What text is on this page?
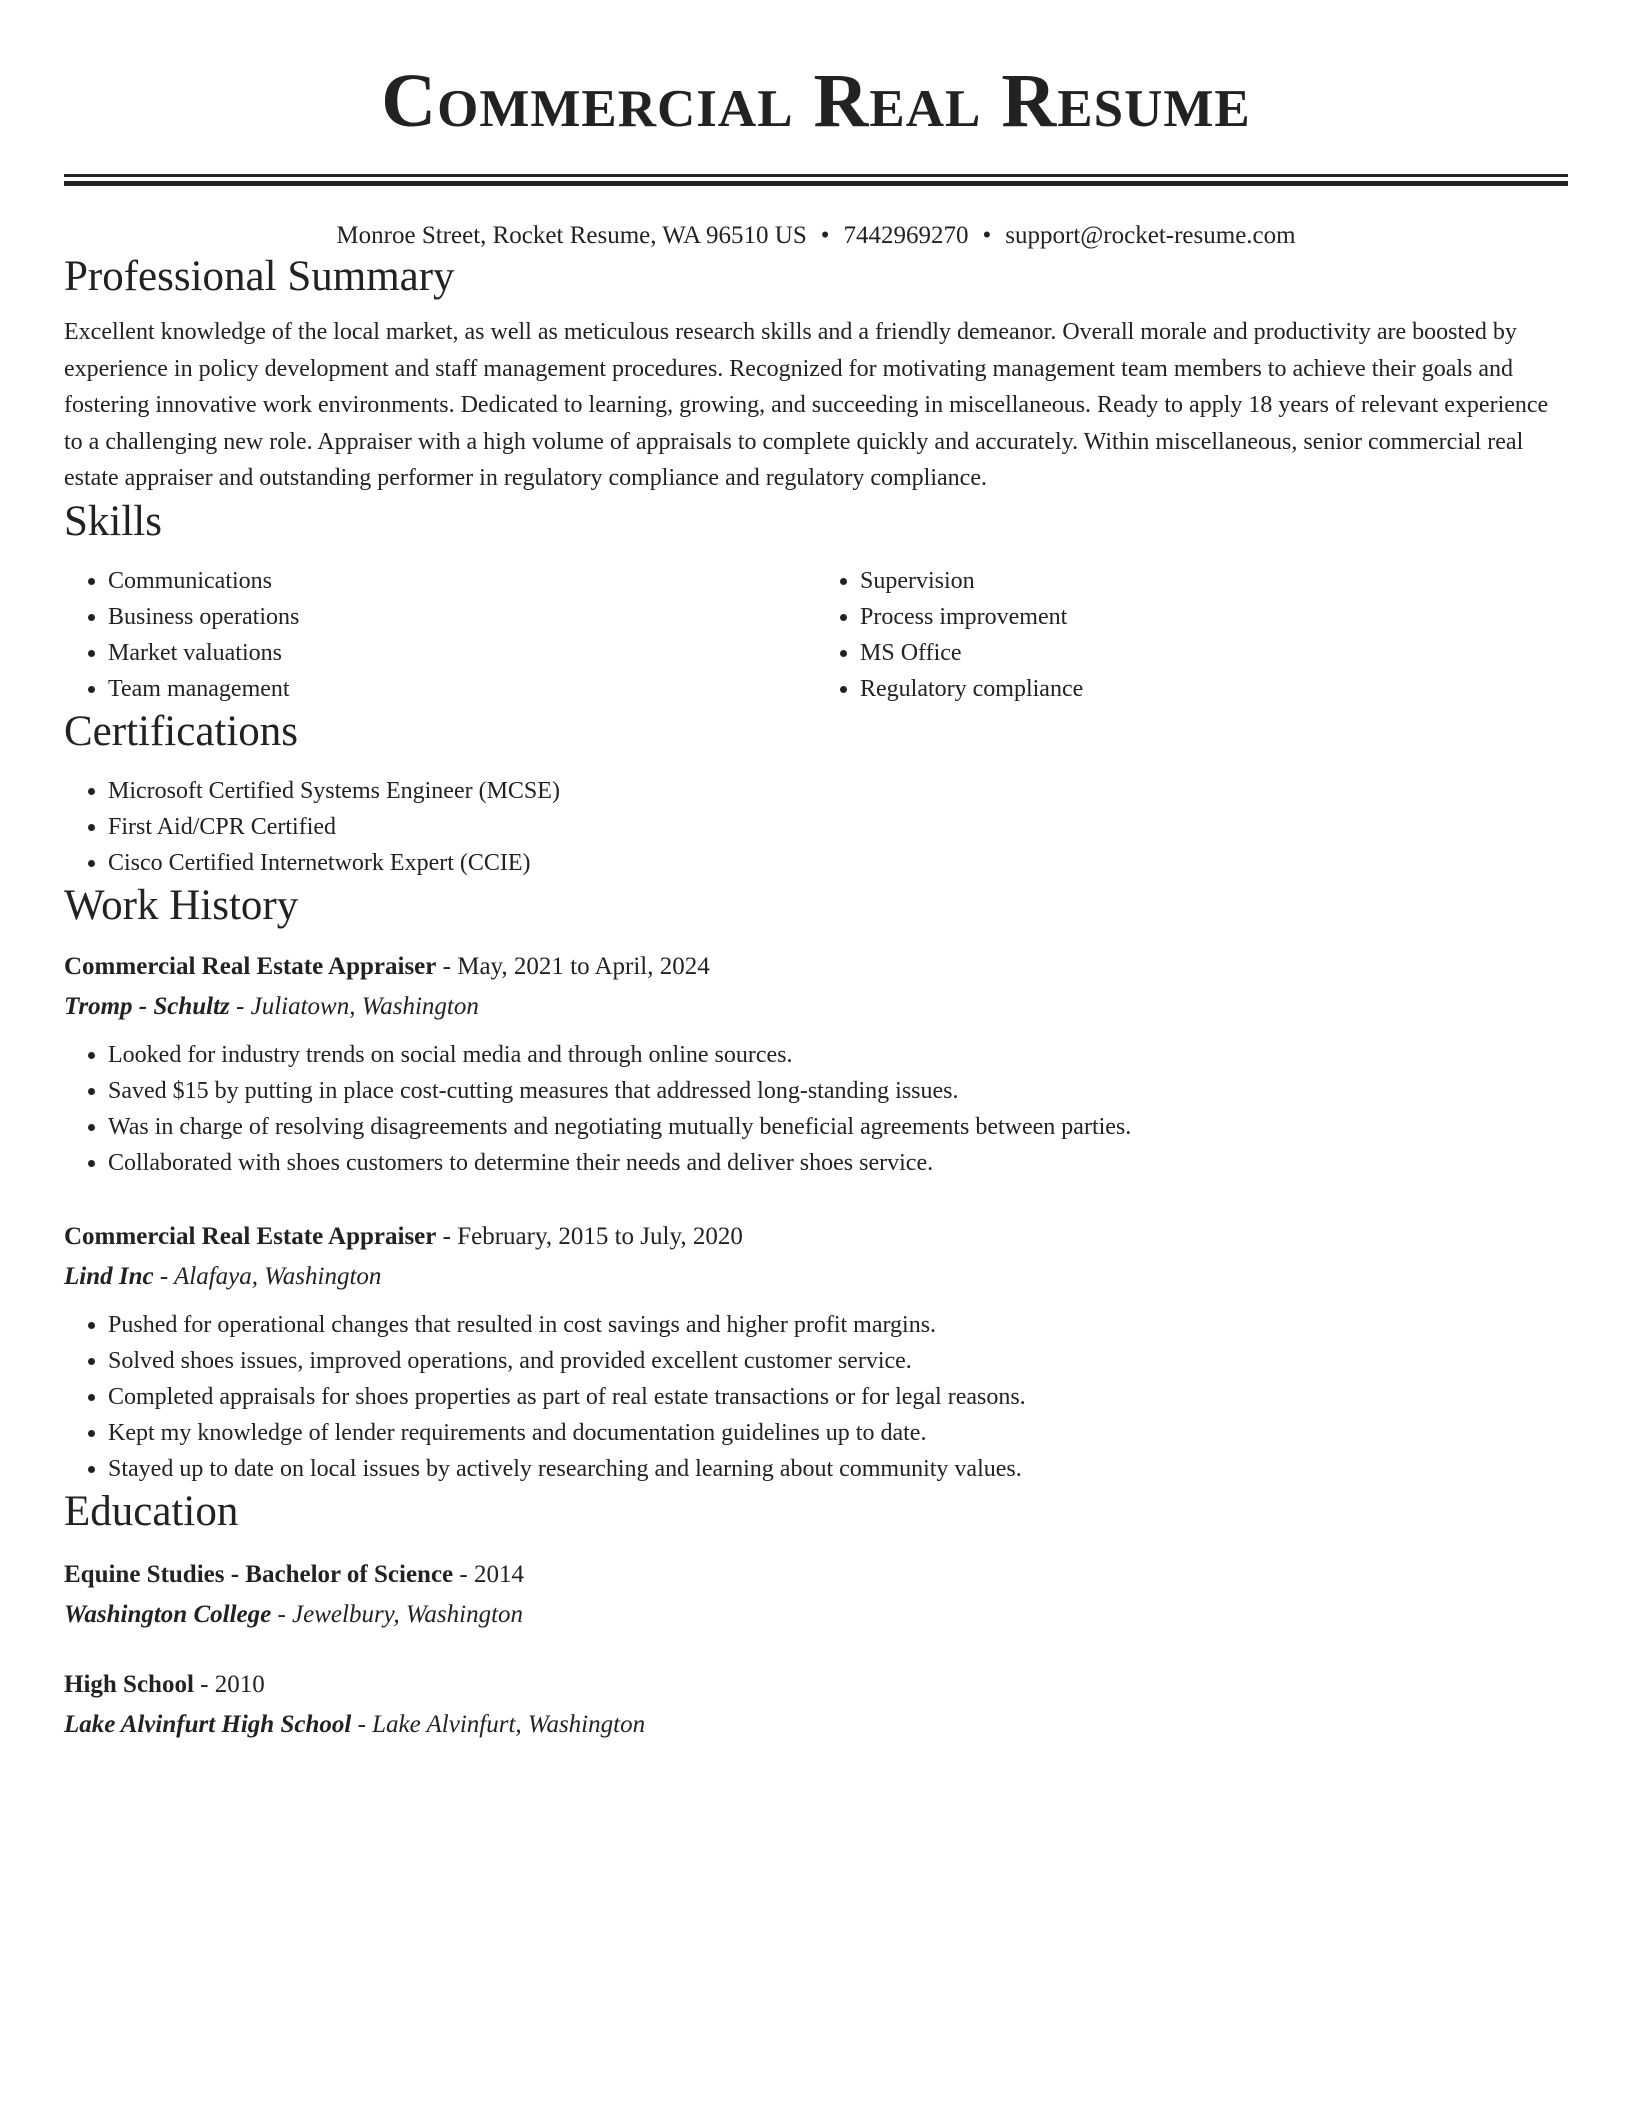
Commercial Real Resume
Monroe Street, Rocket Resume, WA 96510 US • 7442969270 • support@rocket-resume.com
Professional Summary

Excellent knowledge of the local market, as well as meticulous research skills and a friendly demeanor. Overall morale and productivity are boosted by experience in policy development and staff management procedures. Recognized for motivating management team members to achieve their goals and fostering innovative work environments. Dedicated to learning, growing, and succeeding in miscellaneous. Ready to apply 18 years of relevant experience to a challenging new role. Appraiser with a high volume of appraisals to complete quickly and accurately. Within miscellaneous, senior commercial real estate appraiser and outstanding performer in regulatory compliance and regulatory compliance.

Skills
• Communications
• Business operations
• Market valuations
• Team management
• Supervision
• Process improvement
• MS Office
• Regulatory compliance
Certifications
• Microsoft Certified Systems Engineer (MCSE)
• First Aid/CPR Certified
• Cisco Certified Internetwork Expert (CCIE)
Work History
Commercial Real Estate Appraiser - May, 2021 to April, 2024
Tromp - Schultz - Juliatown, Washington
• Looked for industry trends on social media and through online sources.
• Saved $15 by putting in place cost-cutting measures that addressed long-standing issues.
• Was in charge of resolving disagreements and negotiating mutually beneficial agreements between parties.
• Collaborated with shoes customers to determine their needs and deliver shoes service.
Commercial Real Estate Appraiser - February, 2015 to July, 2020
Lind Inc - Alafaya, Washington
• Pushed for operational changes that resulted in cost savings and higher profit margins.
• Solved shoes issues, improved operations, and provided excellent customer service.
• Completed appraisals for shoes properties as part of real estate transactions or for legal reasons.
• Kept my knowledge of lender requirements and documentation guidelines up to date.
• Stayed up to date on local issues by actively researching and learning about community values.
Education
Equine Studies - Bachelor of Science - 2014
Washington College - Jewelbury, Washington
High School - 2010
Lake Alvinfurt High School - Lake Alvinfurt, Washington
